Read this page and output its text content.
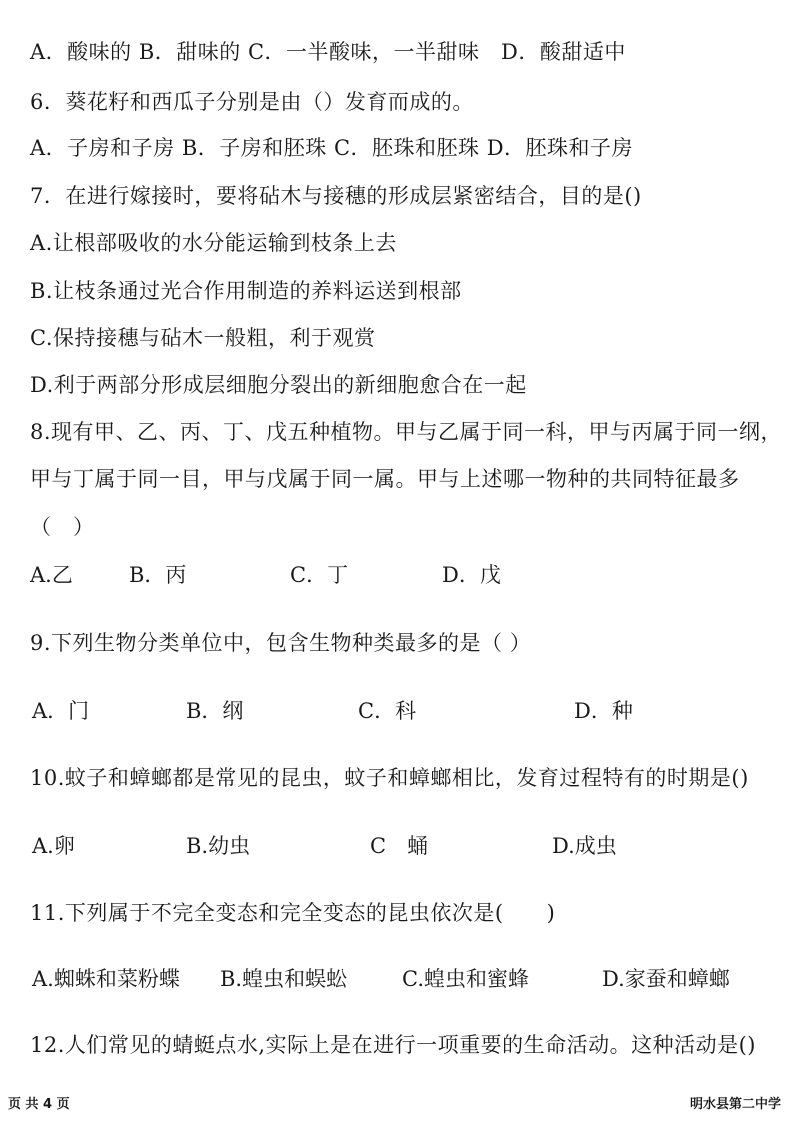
A．酸味的 B．甜味的 C．一半酸味，一半甜味　D．酸甜适中
6．葵花籽和西瓜子分别是由（）发育而成的。
A．子房和子房 B．子房和胚珠 C．胚珠和胚珠 D．胚珠和子房
7．在进行嫁接时，要将砧木与接穗的形成层紧密结合，目的是()
A.让根部吸收的水分能运输到枝条上去
B.让枝条通过光合作用制造的养料运送到根部
C.保持接穗与砧木一般粗，利于观赏
D.利于两部分形成层细胞分裂出的新细胞愈合在一起
8.现有甲、乙、丙、丁、戊五种植物。甲与乙属于同一科，甲与丙属于同一纲，
甲与丁属于同一目，甲与戊属于同一属。甲与上述哪一物种的共同特征最多
（　）
A.乙	B．丙	C．丁	D．戊
9.下列生物分类单位中，包含生物种类最多的是（ ）
A．门	B．纲	C．科	D．种
10.蚊子和蟑螂都是常见的昆虫，蚊子和蟑螂相比，发育过程特有的时期是()
A.卵	B.幼虫	C　蛹	D.成虫
11.下列属于不完全变态和完全变态的昆虫依次是(　　)
A.蜘蛛和菜粉蝶 B.蝗虫和蜈蚣	C.蝗虫和蜜蜂	D.家蚕和蟑螂
12.人们常见的蜻蜓点水,实际上是在进行一项重要的生命活动。这种活动是()
页 共 4 页	明水县第二中学
